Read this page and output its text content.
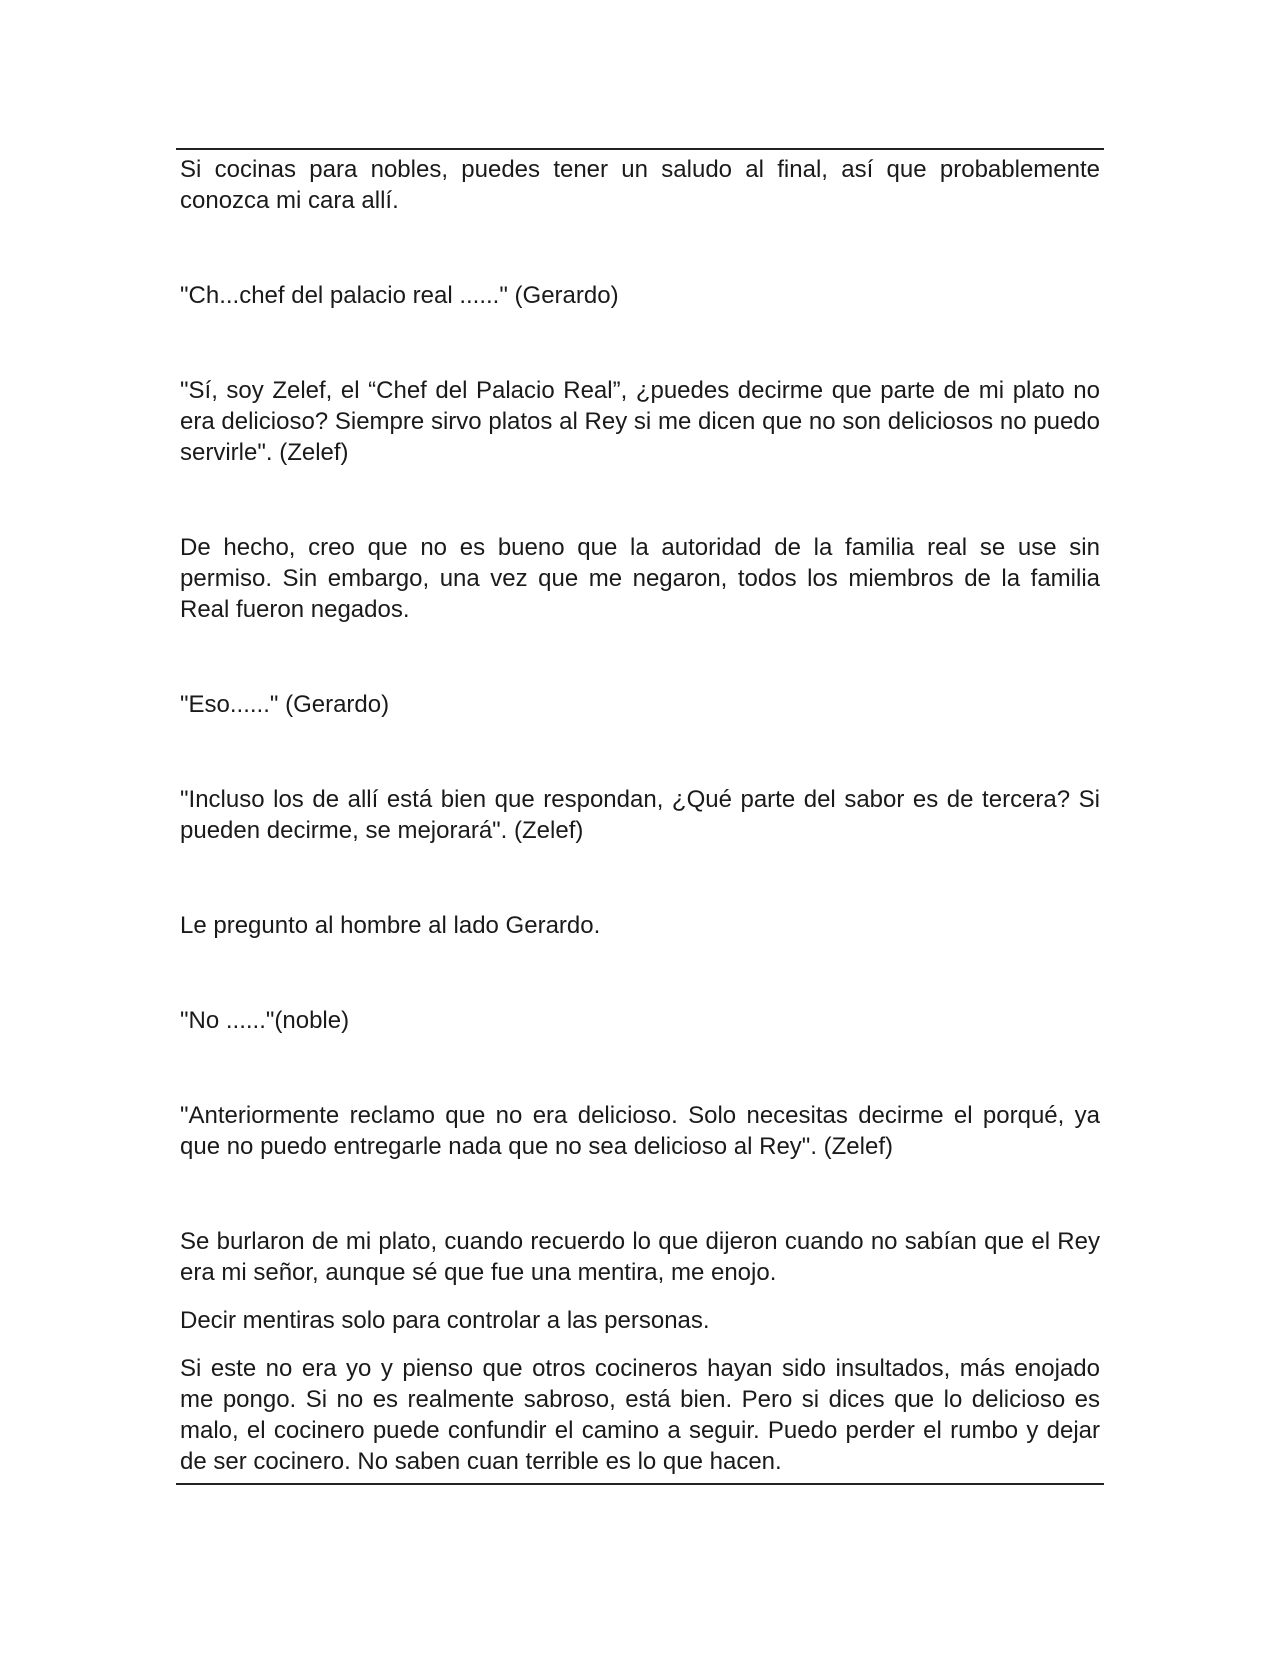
Si cocinas para nobles, puedes tener un saludo al final, así que probablemente conozca mi cara allí.

"Ch...chef del palacio real ......" (Gerardo)

"Sí, soy Zelef, el “Chef del Palacio Real”, ¿puedes decirme que parte de mi plato no era delicioso? Siempre sirvo platos al Rey si me dicen que no son deliciosos no puedo servirle". (Zelef)

De hecho, creo que no es bueno que la autoridad de la familia real se use sin permiso. Sin embargo, una vez que me negaron, todos los miembros de la familia Real fueron negados.

"Eso......" (Gerardo)

"Incluso los de allí está bien que respondan, ¿Qué parte del sabor es de tercera? Si pueden decirme, se mejorará". (Zelef)

Le pregunto al hombre al lado Gerardo.

"No ......"(noble)

"Anteriormente reclamo que no era delicioso. Solo necesitas decirme el porqué, ya que no puedo entregarle nada que no sea delicioso al Rey". (Zelef)

Se burlaron de mi plato, cuando recuerdo lo que dijeron cuando no sabían que el Rey era mi señor, aunque sé que fue una mentira, me enojo.

Decir mentiras solo para controlar a las personas.

Si este no era yo y pienso que otros cocineros hayan sido insultados, más enojado me pongo. Si no es realmente sabroso, está bien. Pero si dices que lo delicioso es malo, el cocinero puede confundir el camino a seguir. Puedo perder el rumbo y dejar de ser cocinero. No saben cuan terrible es lo que hacen.
